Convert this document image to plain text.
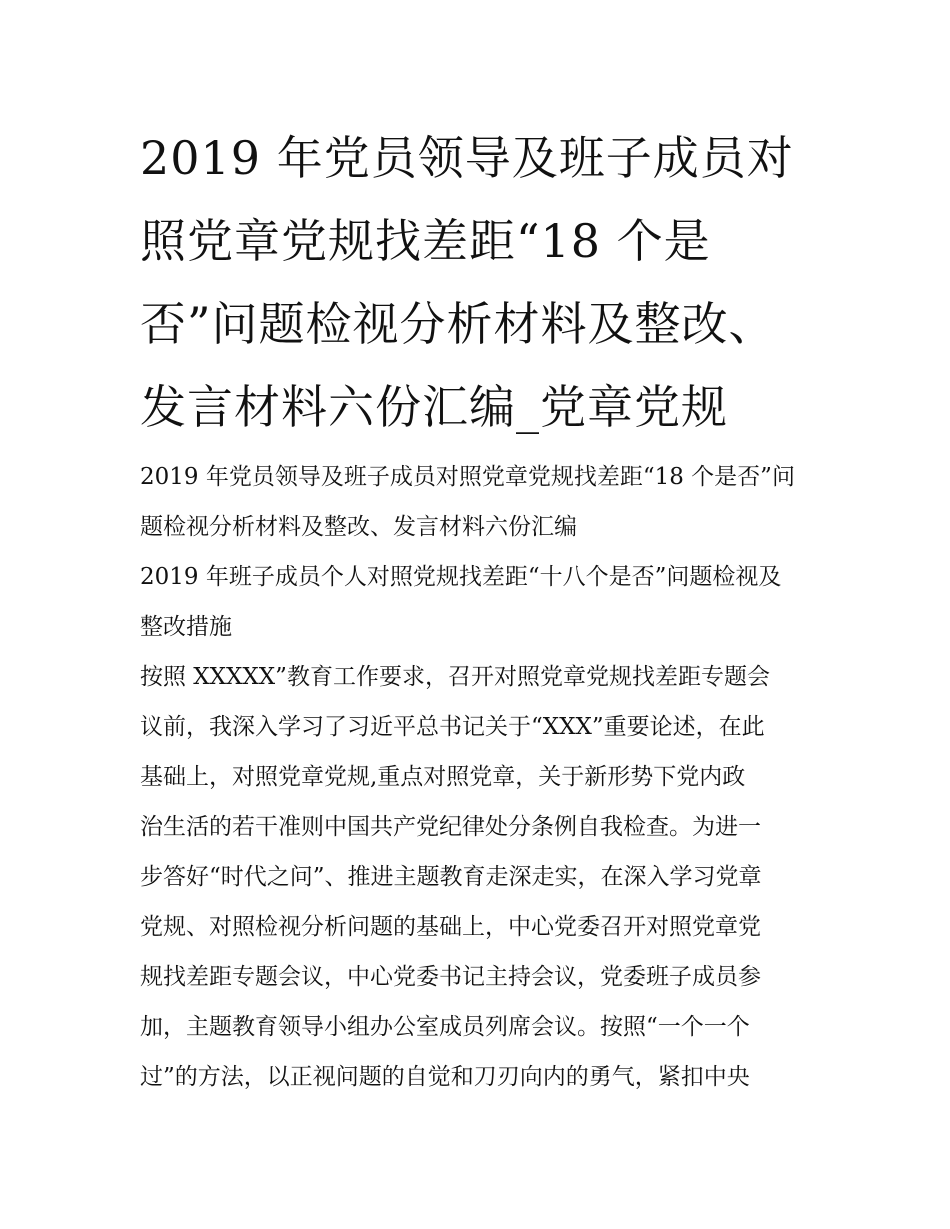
2019 年党员领导及班子成员对
照党章党规找差距“18 个是
否”问题检视分析材料及整改、
发言材料六份汇编_党章党规

2019 年党员领导及班子成员对照党章党规找差距“18 个是否”问

题检视分析材料及整改、发言材料六份汇编

2019 年班子成员个人对照党规找差距“十八个是否”问题检视及

整改措施

按照 XXXXX”教育工作要求，召开对照党章党规找差距专题会

议前，我深入学习了习近平总书记关于“XXX”重要论述，在此

基础上，对照党章党规,重点对照党章，关于新形势下党内政

治生活的若干准则中国共产党纪律处分条例自我检查。为进一

步答好“时代之问”、推进主题教育走深走实，在深入学习党章

党规、对照检视分析问题的基础上，中心党委召开对照党章党

规找差距专题会议，中心党委书记主持会议，党委班子成员参

加，主题教育领导小组办公室成员列席会议。按照“一个一个

过”的方法，以正视问题的自觉和刀刃向内的勇气，紧扣中央
